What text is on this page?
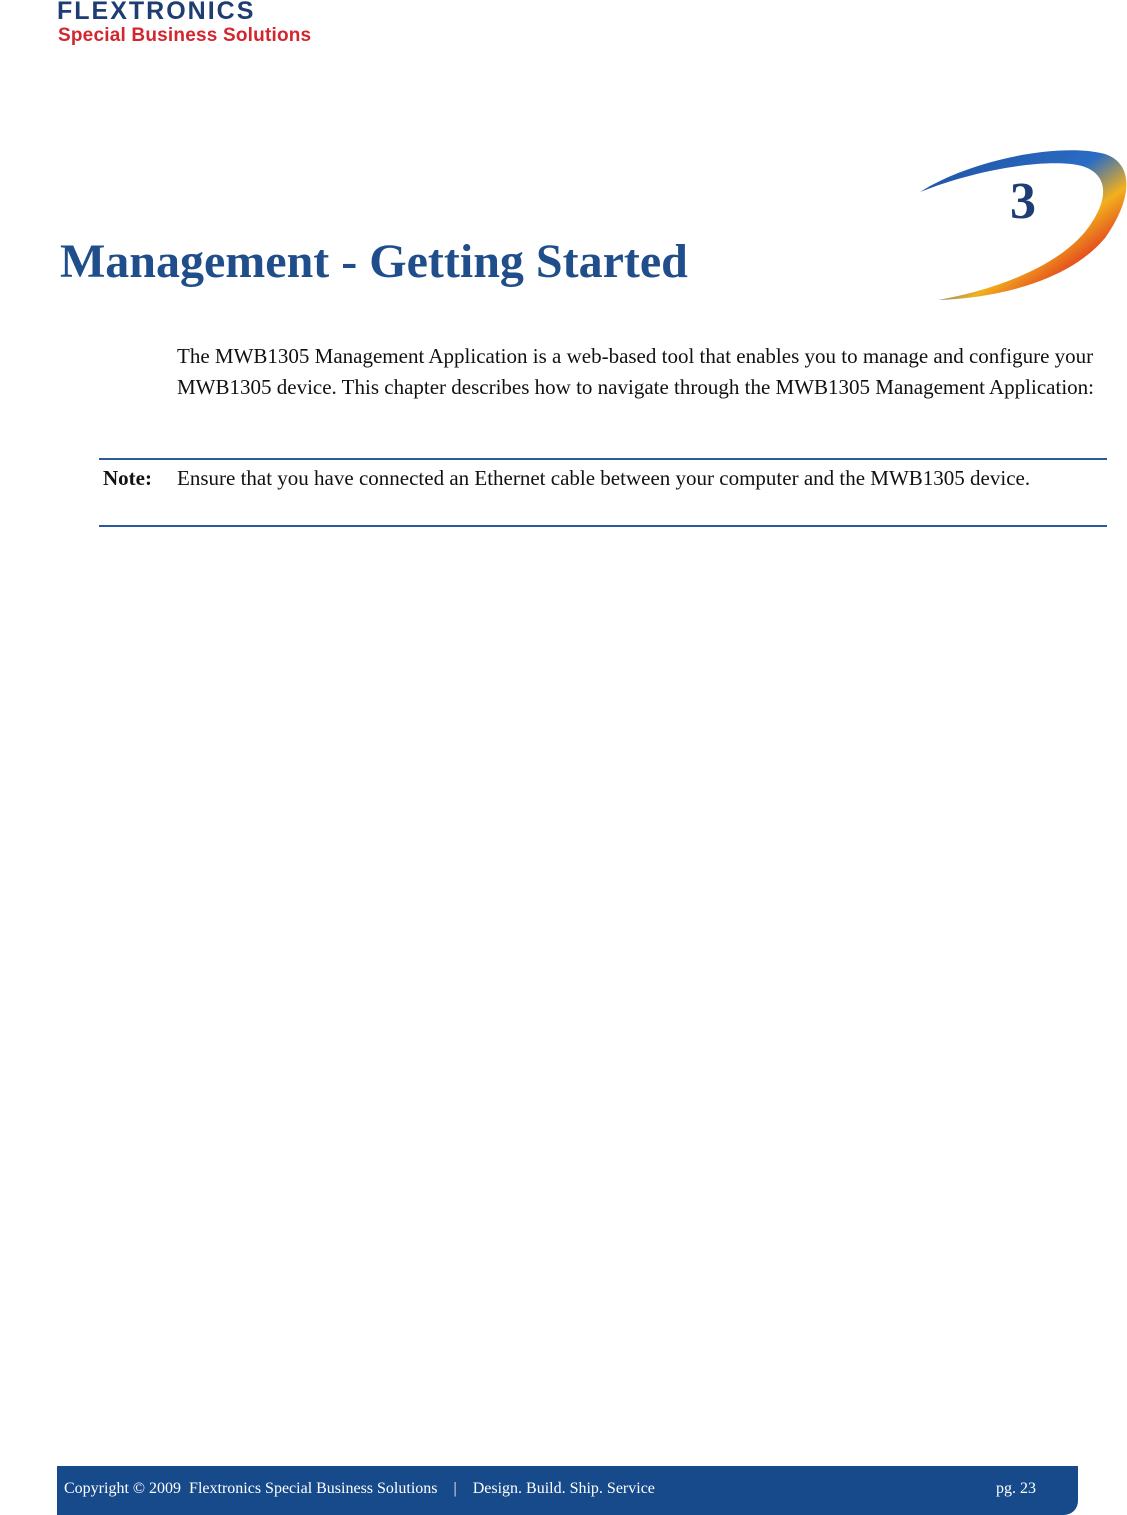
FLEXTRONICS
Special Business Solutions
3
Management - Getting Started

The MWB1305 Management Application is a web-based tool that enables you to manage and configure your MWB1305 device. This chapter describes how to navigate through the MWB1305 Management Application:

Note: Ensure that you have connected an Ethernet cable between your computer and the MWB1305 device.

Copyright © 2009  Flextronics Special Business Solutions    |    Design. Build. Ship. Service	pg. 23
